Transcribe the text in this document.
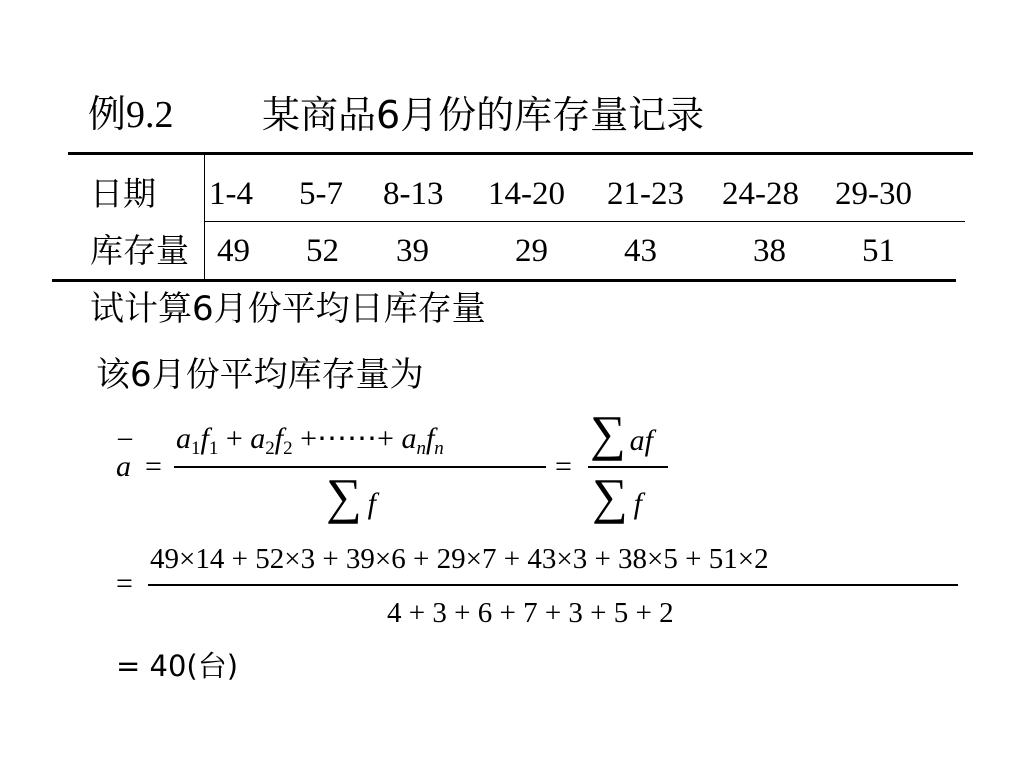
例9.2 某商品6月份的库存量记录
日期 1-4 5-7 8-13 14-20 21-23 24-28 29-30
库存量 49 52 39	29 43	38 51
试计算6月份平均日库存量
该6月份平均库存量为
–
a =
$a_1f_1 + a_2f_2$ +⋯⋯+ $a_nf_n$
∑ f
=
∑ af
∑ f
=
49×14 + 52×3 + 39×6 + 29×7 + 43×3 + 38×5 + 51×2
4 + 3 + 6 + 7 + 3 + 5 + 2
= 40(台)
